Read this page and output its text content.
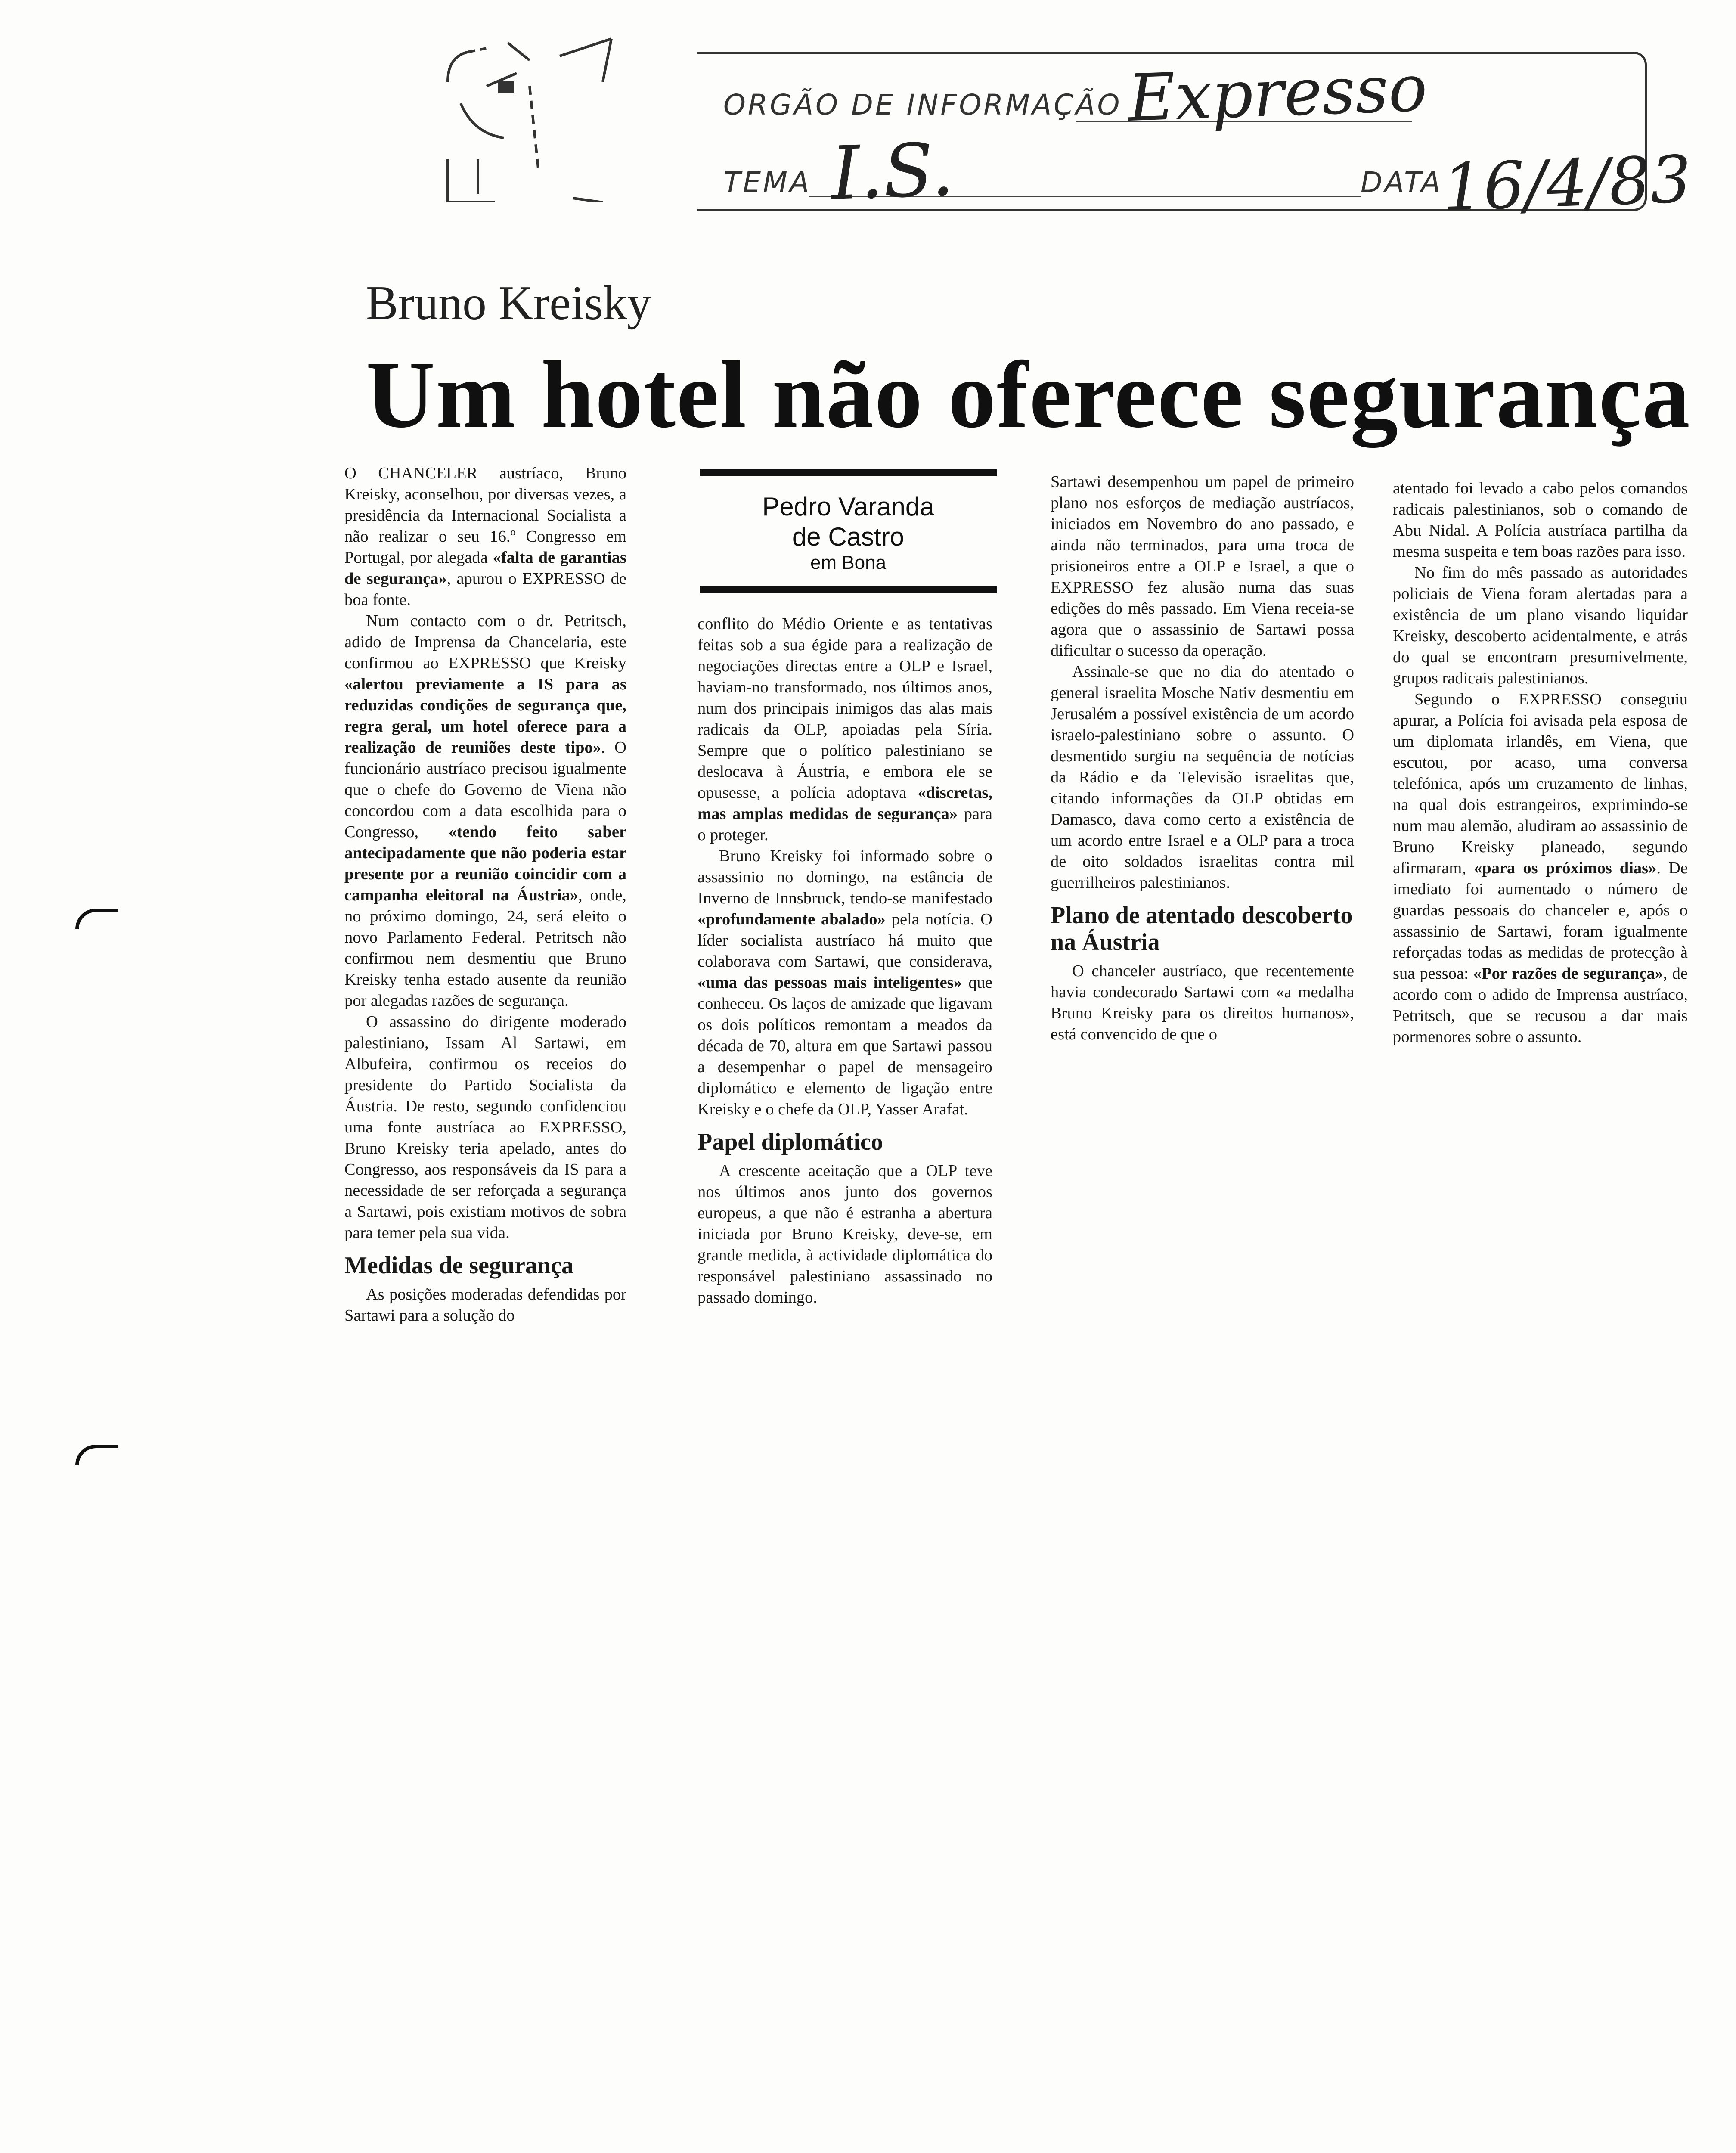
ORGÃO DE INFORMAÇÃO Expresso
TEMA I.S.	DATA
16/4/83
Bruno Kreisky
Um hotel não oferece segurança
Pedro Varanda
de Castro
em Bona

O CHANCELER austríaco, Bruno Kreisky, aconselhou, por diversas vezes, a presidência da Internacional Socialista a não realizar o seu 16.º Congresso em Portugal, por alegada «falta de garantias de segurança», apurou o EXPRESSO de boa fonte.

Num contacto com o dr. Petritsch, adido de Imprensa da Chancelaria, este confirmou ao EXPRESSO que Kreisky «alertou previamente a IS para as reduzidas condições de segurança que, regra geral, um hotel oferece para a realização de reuniões deste tipo». O funcionário austríaco precisou igualmente que o chefe do Governo de Viena não concordou com a data escolhida para o Congresso, «tendo feito saber antecipadamente que não poderia estar presente por a reunião coincidir com a campanha eleitoral na Áustria», onde, no próximo domingo, 24, será eleito o novo Parlamento Federal. Petritsch não confirmou nem desmentiu que Bruno Kreisky tenha estado ausente da reunião por alegadas razões de segurança.

O assassino do dirigente moderado palestiniano, Issam Al Sartawi, em Albufeira, confirmou os receios do presidente do Partido Socialista da Áustria. De resto, segundo confidenciou uma fonte austríaca ao EXPRESSO, Bruno Kreisky teria apelado, antes do Congresso, aos responsáveis da IS para a necessidade de ser reforçada a segurança a Sartawi, pois existiam motivos de sobra para temer pela sua vida.

Medidas de segurança

As posições moderadas defendidas por Sartawi para a solução do

conflito do Médio Oriente e as tentativas feitas sob a sua égide para a realização de negociações directas entre a OLP e Israel, haviam-no transformado, nos últimos anos, num dos principais inimigos das alas mais radicais da OLP, apoiadas pela Síria. Sempre que o político palestiniano se deslocava à Áustria, e embora ele se opusesse, a polícia adoptava «discretas, mas amplas medidas de segurança» para o proteger.

Bruno Kreisky foi informado sobre o assassinio no domingo, na estância de Inverno de Innsbruck, tendo-se manifestado «profundamente abalado» pela notícia. O líder socialista austríaco há muito que colaborava com Sartawi, que considerava, «uma das pessoas mais inteligentes» que conheceu. Os laços de amizade que ligavam os dois políticos remontam a meados da década de 70, altura em que Sartawi passou a desempenhar o papel de mensageiro diplomático e elemento de ligação entre Kreisky e o chefe da OLP, Yasser Arafat.

Papel diplomático

A crescente aceitação que a OLP teve nos últimos anos junto dos governos europeus, a que não é estranha a abertura iniciada por Bruno Kreisky, deve-se, em grande medida, à actividade diplomática do responsável palestiniano assassinado no passado domingo.

Sartawi desempenhou um papel de primeiro plano nos esforços de mediação austríacos, iniciados em Novembro do ano passado, e ainda não terminados, para uma troca de prisioneiros entre a OLP e Israel, a que o EXPRESSO fez alusão numa das suas edições do mês passado. Em Viena receia-se agora que o assassinio de Sartawi possa dificultar o sucesso da operação.

Assinale-se que no dia do atentado o general israelita Mosche Nativ desmentiu em Jerusalém a possível existência de um acordo israelo-palestiniano sobre o assunto. O desmentido surgiu na sequência de notícias da Rádio e da Televisão israelitas que, citando informações da OLP obtidas em Damasco, dava como certo a existência de um acordo entre Israel e a OLP para a troca de oito soldados israelitas contra mil guerrilheiros palestinianos.

Plano de atentado descoberto na Áustria

O chanceler austríaco, que recentemente havia condecorado Sartawi com «a medalha Bruno Kreisky para os direitos humanos», está convencido de que o

atentado foi levado a cabo pelos comandos radicais palestinianos, sob o comando de Abu Nidal. A Polícia austríaca partilha da mesma suspeita e tem boas razões para isso.

No fim do mês passado as autoridades policiais de Viena foram alertadas para a existência de um plano visando liquidar Kreisky, descoberto acidentalmente, e atrás do qual se encontram presumivelmente, grupos radicais palestinianos.

Segundo o EXPRESSO conseguiu apurar, a Polícia foi avisada pela esposa de um diplomata irlandês, em Viena, que escutou, por acaso, uma conversa telefónica, após um cruzamento de linhas, na qual dois estrangeiros, exprimindo-se num mau alemão, aludiram ao assassinio de Bruno Kreisky planeado, segundo afirmaram, «para os próximos dias». De imediato foi aumentado o número de guardas pessoais do chanceler e, após o assassinio de Sartawi, foram igualmente reforçadas todas as medidas de protecção à sua pessoa: «Por razões de segurança», de acordo com o adido de Imprensa austríaco, Petritsch, que se recusou a dar mais pormenores sobre o assunto.
